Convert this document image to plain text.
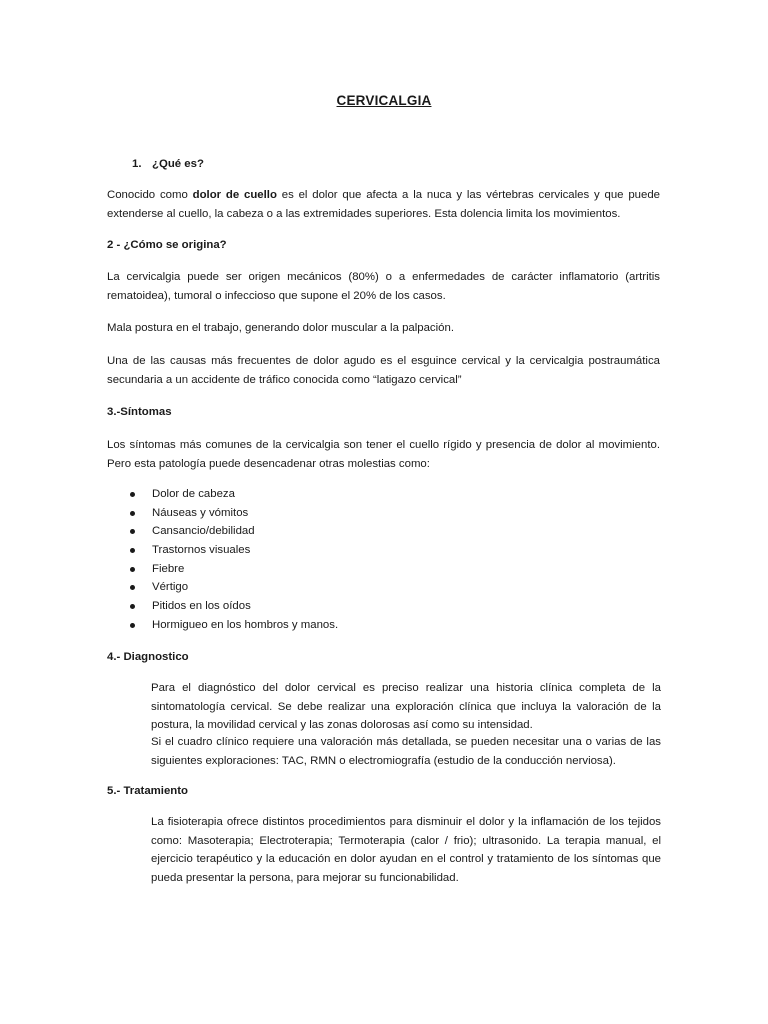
CERVICALGIA

1. ¿Qué es?

Conocido como dolor de cuello es el dolor que afecta a la nuca y las vértebras cervicales y que puede extenderse al cuello, la cabeza o a las extremidades superiores. Esta dolencia limita los movimientos.

2 - ¿Cómo se origina?

La cervicalgia puede ser origen mecánicos (80%) o a enfermedades de carácter inflamatorio (artritis rematoidea), tumoral o infeccioso que supone el 20% de los casos.

Mala postura en el trabajo, generando dolor muscular a la palpación.

Una de las causas más frecuentes de dolor agudo es el esguince cervical y la cervicalgia postraumática secundaria a un accidente de tráfico conocida como “latigazo cervical”

3.-Síntomas

Los síntomas más comunes de la cervicalgia son tener el cuello rígido y presencia de dolor al movimiento. Pero esta patología puede desencadenar otras molestias como:

Dolor de cabeza
Náuseas y vómitos
Cansancio/debilidad
Trastornos visuales
Fiebre
Vértigo
Pitidos en los oídos
Hormigueo en los hombros y manos.

4.- Diagnostico

Para el diagnóstico del dolor cervical es preciso realizar una historia clínica completa de la sintomatología cervical. Se debe realizar una exploración clínica que incluya la valoración de la postura, la movilidad cervical y las zonas dolorosas así como su intensidad.

Si el cuadro clínico requiere una valoración más detallada, se pueden necesitar una o varias de las siguientes exploraciones: TAC, RMN o electromiografía (estudio de la conducción nerviosa).

5.- Tratamiento

La fisioterapia ofrece distintos procedimientos para disminuir el dolor y la inflamación de los tejidos como: Masoterapia; Electroterapia; Termoterapia (calor / frio); ultrasonido. La terapia manual, el ejercicio terapéutico y la educación en dolor ayudan en el control y tratamiento de los síntomas que pueda presentar la persona, para mejorar su funcionabilidad.
